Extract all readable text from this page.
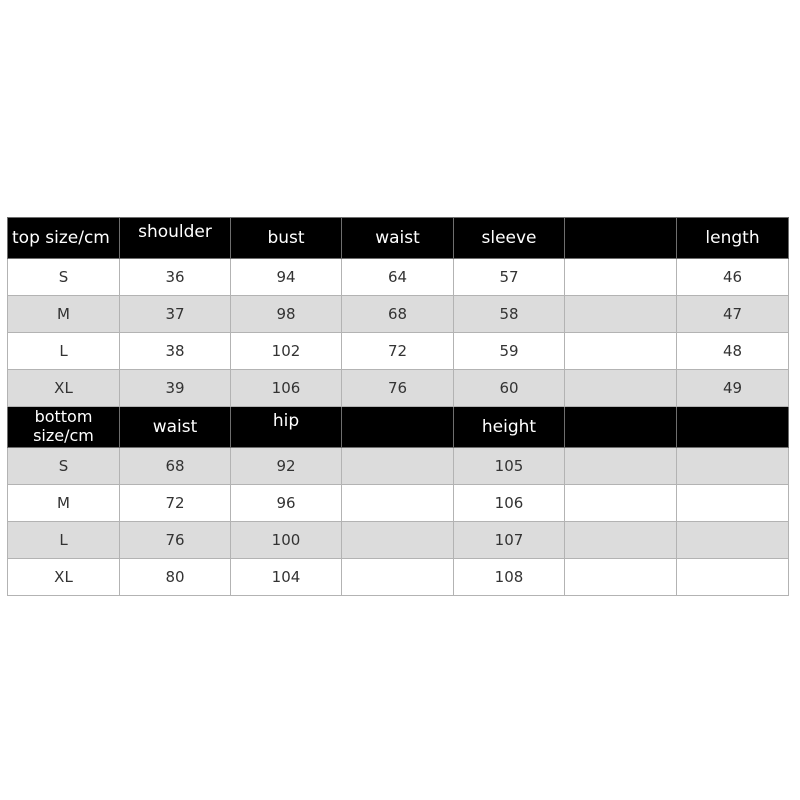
top size/cm	shoulder	bust	waist	sleeve		length
S	36	94	64	57		46
M	37	98	68	58		47
L	38	102	72	59		48
XL	39	106	76	60		49
bottom size/cm	waist	hip		height		
S	68	92		105		
M	72	96		106		
L	76	100		107		
XL	80	104		108		
